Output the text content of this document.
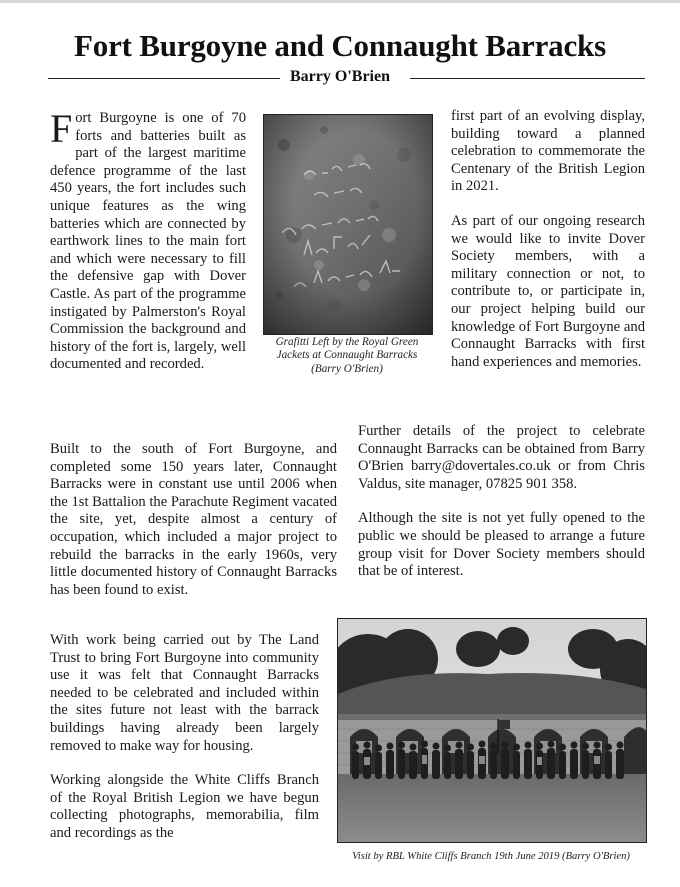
Fort Burgoyne and Connaught Barracks
Barry O'Brien

Fort Burgoyne is one of 70 forts and batteries built as part of the largest maritime defence programme of the last 450 years, the fort includes such unique features as the wing batteries which are connected by earthwork lines to the main fort and which were necessary to fill the defensive gap with Dover Castle. As part of the programme instigated by Palmerston's Royal Commission the background and history of the fort is, largely, well documented and recorded.

Grafitti Left by the Royal Green Jackets at Connaught Barracks (Barry O'Brien)

first part of an evolving display, building toward a planned celebration to commemorate the Centenary of the British Legion in 2021.

As part of our ongoing research we would like to invite Dover Society members, with a military connection or not, to contribute to, or participate in, our project helping build our knowledge of Fort Burgoyne and Connaught Barracks with first hand experiences and memories.

Built to the south of Fort Burgoyne, and completed some 150 years later, Connaught Barracks were in constant use until 2006 when the 1st Battalion the Parachute Regiment vacated the site, yet, despite almost a century of occupation, which included a major project to rebuild the barracks in the early 1960s, very little documented history of Connaught Barracks has been found to exist.

With work being carried out by The Land Trust to bring Fort Burgoyne into community use it was felt that Connaught Barracks needed to be celebrated and included within the sites future not least with the barrack buildings having already been largely removed to make way for housing.

Working alongside the White Cliffs Branch of the Royal British Legion we have begun collecting photographs, memorabilia, film and recordings as the

Further details of the project to celebrate Connaught Barracks can be obtained from Barry O'Brien barry@dovertales.co.uk or from Chris Valdus, site manager, 07825 901 358.

Although the site is not yet fully opened to the public we should be pleased to arrange a future group visit for Dover Society members should that be of interest.

Visit by RBL White Cliffs Branch 19th June 2019 (Barry O'Brien)
